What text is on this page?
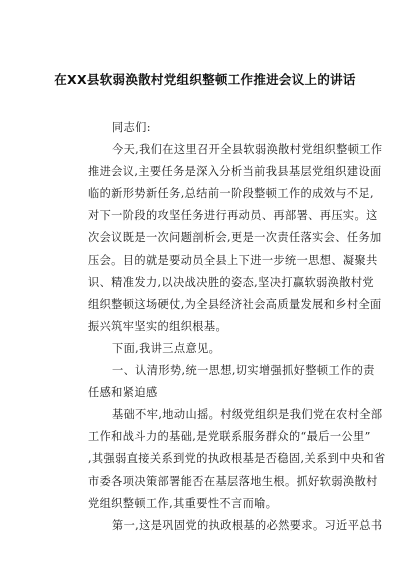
在XX县软弱涣散村党组织整顿工作推进会议上的讲话
同志们:
今天,我们在这里召开全县软弱涣散村党组织整顿工作
推进会议,主要任务是深入分析当前我县基层党组织建设面
临的新形势新任务,总结前一阶段整顿工作的成效与不足,
对下一阶段的攻坚任务进行再动员、再部署、再压实。这
次会议既是一次问题剖析会,更是一次责任落实会、任务加
压会。目的就是要动员全县上下进一步统一思想、凝聚共
识、精准发力,以决战决胜的姿态,坚决打赢软弱涣散村党
组织整顿这场硬仗,为全县经济社会高质量发展和乡村全面
振兴筑牢坚实的组织根基。
下面,我讲三点意见。
一、认清形势,统一思想,切实增强抓好整顿工作的责
任感和紧迫感
基础不牢,地动山摇。村级党组织是我们党在农村全部
工作和战斗力的基础,是党联系服务群众的“最后一公里”
,其强弱直接关系到党的执政根基是否稳固,关系到中央和省
市委各项决策部署能否在基层落地生根。抓好软弱涣散村
党组织整顿工作,其重要性不言而喻。
第一,这是巩固党的执政根基的必然要求。习近平总书
